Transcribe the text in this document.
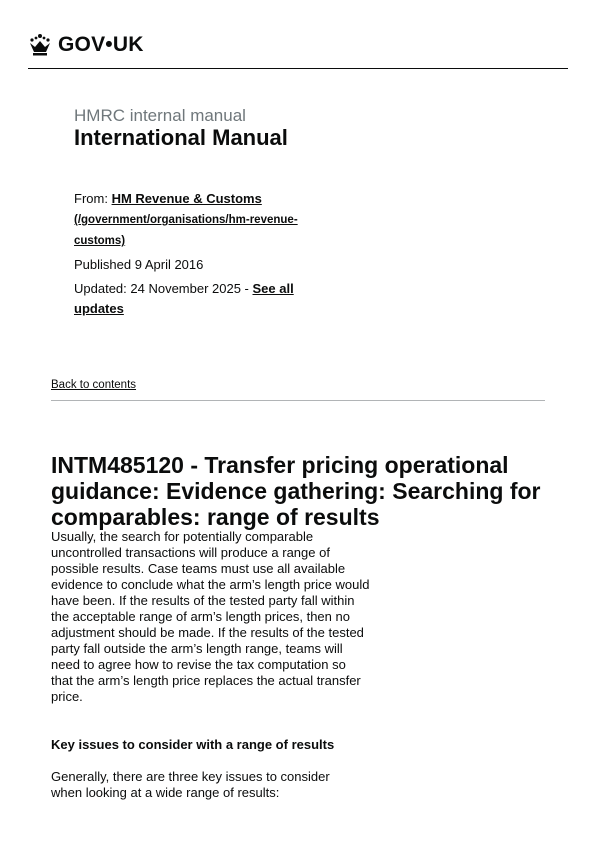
GOV•UK
HMRC internal manual
International Manual

From: HM Revenue & Customs
(/government/organisations/hm-revenue-customs)

Published 9 April 2016

Updated: 24 November 2025 - See all updates

Back to contents
INTM485120 - Transfer pricing operational guidance: Evidence gathering: Searching for comparables: range of results

Usually, the search for potentially comparable uncontrolled transactions will produce a range of possible results. Case teams must use all available evidence to conclude what the arm’s length price would have been. If the results of the tested party fall within the acceptable range of arm’s length prices, then no adjustment should be made. If the results of the tested party fall outside the arm’s length range, teams will need to agree how to revise the tax computation so that the arm’s length price replaces the actual transfer price.

Key issues to consider with a range of results

Generally, there are three key issues to consider when looking at a wide range of results:
